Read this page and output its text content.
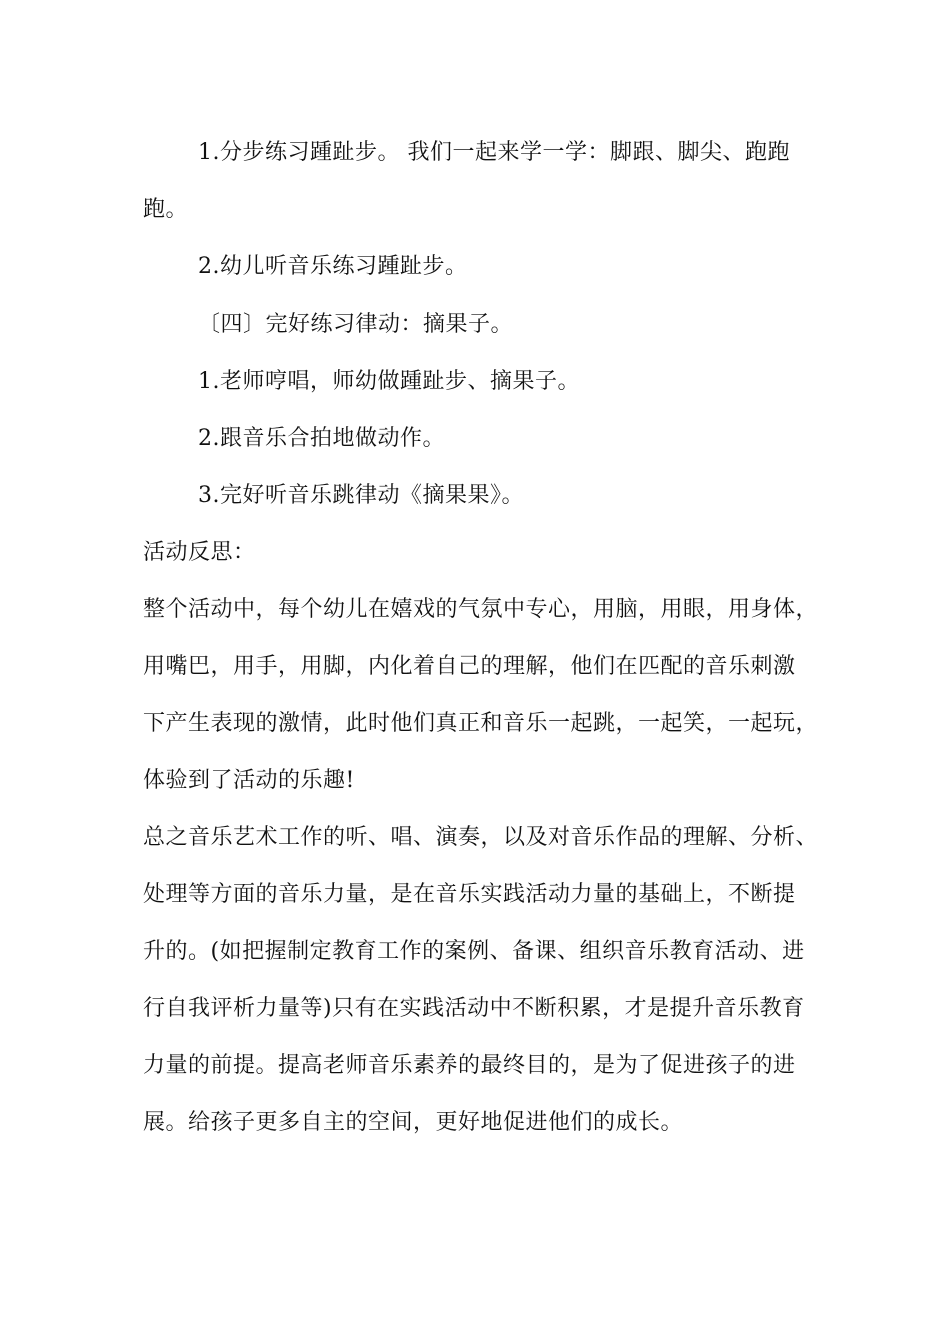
1.分步练习踵趾步。 我们一起来学一学：脚跟、脚尖、跑跑
跑。
2.幼儿听音乐练习踵趾步。
〔四〕完好练习律动：摘果子。
1.老师哼唱，师幼做踵趾步、摘果子。
2.跟音乐合拍地做动作。
3.完好听音乐跳律动《摘果果》。
活动反思：
整个活动中，每个幼儿在嬉戏的气氛中专心，用脑，用眼，用身体，
用嘴巴，用手，用脚，内化着自己的理解，他们在匹配的音乐刺激
下产生表现的激情，此时他们真正和音乐一起跳，一起笑，一起玩，
体验到了活动的乐趣!
总之音乐艺术工作的听、唱、演奏，以及对音乐作品的理解、分析、
处理等方面的音乐力量，是在音乐实践活动力量的基础上，不断提
升的。(如把握制定教育工作的案例、备课、组织音乐教育活动、进
行自我评析力量等)只有在实践活动中不断积累，才是提升音乐教育
力量的前提。提高老师音乐素养的最终目的，是为了促进孩子的进
展。给孩子更多自主的空间，更好地促进他们的成长。
